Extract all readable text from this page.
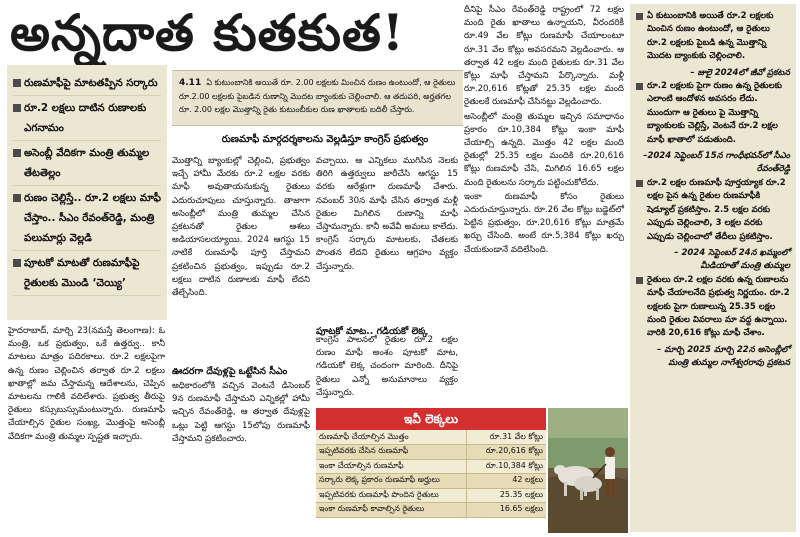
అన్నదాత కుతకుత!
రుణమాఫీపై మాటతప్పిన సర్కారు
రూ.2 లక్షలు దాటిన రుణాలకు ఎగనామం
అసెంబ్లీ వేదికగా మంత్రి తుమ్మల తేటతెల్లం
రుణం చెల్లిస్తే.. రూ.2 లక్షలు మాఫీ చేస్తాం.. సీఎం రేవంత్‌రెడ్డి, మంత్రి పలుమార్లు వెల్లడి
పూటకో మాటతో రుణమాఫీపై రైతులకు మొండి ‘చెయ్యి’
4.11 ఏ కుటుంబానికి అయితే రూ. 2.00 లక్షలకు మించిన రుణం ఉంటుందో, ఆ రైతులు రూ.2.00 లక్షలకు పైబడిన రుణాన్ని మొదట బ్యాంకుకు చెల్లించాలి. ఆ తదుపరి, అర్హతగల రూ. 2.00 లక్షల మొత్తాన్ని రైతు కుటుంబీకుల రుణ ఖాతాలకు బదిలీ చేస్తారు.
రుణమాఫీ మార్గదర్శకాలను వెల్లడిస్తూ కాంగ్రెస్‌ ప్రభుత్వం

హైదరాబాద్‌, మార్చి 23(నమస్తే తెలంగాణ): ఓ మంత్రి, ఒక ప్రభుత్వం, ఒకే ఉత్తర్వు.. కానీ మాటలు మాత్రం పదిరకాలు. రూ.2 లక్షలపైగా ఉన్న రుణం చెల్లించిన తర్వాత రూ.2 లక్షలు ఖాతాల్లో జమ చేస్తామన్న ఆదేశాలను, చెప్పిన మాటలను గాలికి వదిలేశారు. ప్రభుత్వ తీరుపై రైతులు కస్సుబుస్సుమంటున్నారు. రుణమాఫీ చేయాల్సిన రైతుల సంఖ్య, మొత్తంపై అసెంబ్లీ వేదికగా మంత్రి తుమ్మల స్పష్టత ఇచ్చారు.

మొత్తాన్ని బ్యాంకుల్లో చెల్లించి, ప్రభుత్వం ఇచ్చే హామీ మేరకు రూ.2 లక్షల వరకు మాఫీ అవుతాయనుకున్న రైతులు ఎదురుచూపులు చూస్తున్నారు. తాజాగా అసెంబ్లీలో మంత్రి తుమ్మల చేసిన ప్రకటనతో రైతుల ఆశలు అడియాసలయ్యాయి. 2024 ఆగస్టు 15 నాటికే రుణమాఫీ పూర్తి చేస్తామని ప్రకటించిన ప్రభుత్వం, ఇప్పుడు రూ.2 లక్షలు దాటిన రుణాలకు మాఫీ లేదని తేల్చేసింది.

వచ్చాయి. ఆ ఎన్నికలు ముగిసిన నెలకు తిరిగి ఉత్తర్వులు జారీచేసి ఆగస్టు 15 వరకు ఆరేళ్లుగా రుణమాఫీ చేశారు. నవంబర్‌ 30న మాఫీ చేసిన తర్వాత మళ్లీ రైతుల మిగిలిన రుణాన్ని మాఫీ చేస్తామన్నారు. కానీ అవేవీ అమలు కాలేదు. కాంగ్రెస్‌ సర్కారు మాటలకు, చేతలకు పొంతన లేదని రైతులు ఆగ్రహం వ్యక్తం చేస్తున్నారు.

పూటకో మాట.. గడియకో లెక్క

కాంగ్రెస్‌ పాలనలో రైతుల రూ.2 లక్షల రుణం మాఫీ అంశం పూటకో మాట, గడియకో లెక్క చందంగా మారింది. దీనిపై రైతులు ఎన్నో అనుమానాలు వ్యక్తం చేస్తున్నారు.

ఊదరగా దేవుళ్లపై ఒట్టేసిన సీఎం

అధికారంలోకి వచ్చిన వెంటనే డిసెంబర్‌ 9న రుణమాఫీ చేస్తామని ఎన్నికల్లో హామీ ఇచ్చిన రేవంత్‌రెడ్డి, ఆ తర్వాత దేవుళ్లపై ఒట్లు పెట్టి ఆగస్టు 15లోపు రుణమాఫీ చేస్తామని ప్రకటించారు.

దీనిపై సీఎం రేవంత్‌రెడ్డి రాష్ట్రంలో 72 లక్షల మంది రైతు ఖాతాలు ఉన్నాయని, వీరందరికీ రూ.49 వేల కోట్లు రుణమాఫీ చేయాలంటూ రూ.31 వేల కోట్లు అవసరమని వెల్లడించారు. ఆ తర్వాత 42 లక్షల మంది రైతులకు రూ.31 వేల కోట్లు మాఫీ చేస్తామని పేర్కొన్నారు. మళ్లీ రూ.20,616 కోట్లతో 25.35 లక్షల మంది రైతులకే రుణమాఫీ చేసినట్టు వెల్లడించారు.

అసెంబ్లీలో మంత్రి తుమ్మల ఇచ్చిన సమాధానం ప్రకారం రూ.10,384 కోట్లు ఇంకా మాఫీ చేయాల్సి ఉన్నది. మొత్తం 42 లక్షల మంది రైతుల్లో 25.35 లక్షల మందికి రూ.20,616 కోట్లు రుణమాఫీ చేసి, మిగిలిన 16.65 లక్షల మంది రైతులను సర్కారు పట్టించుకోలేదు.

ఇంకా రుణమాఫీ కోసం రైతులు ఎదురుచూస్తున్నారు. రూ.26 వేల కోట్లు బడ్జెట్‌లో పెట్టిన ప్రభుత్వం, రూ.20,616 కోట్లు మాత్రమే ఖర్చు చేసింది. అంటే రూ.5,384 కోట్లు ఖర్చు చేయకుండానే వదిలేసింది.

ఏ కుటుంబానికి అయితే రూ.2 లక్షలకు మించిన రుణం ఉంటుందో, ఆ రైతులు రూ.2 లక్షలకు పైబడి ఉన్న మొత్తాన్ని మొదట బ్యాంకుకు చెల్లించాలి.
– జులై 2024లో జీవో ప్రకటన
రూ.2 లక్షలకు పైగా రుణం ఉన్న రైతులకు ఎలాంటి ఆందోళన అవసరం లేదు. ముందుగా ఆ రైతులు పై మొత్తాన్ని బ్యాంకులకు చెల్లిస్తే, వెంటనే రూ.2 లక్షల మాఫీ ఖాతాలో పడుతుంది.
–2024 సెప్టెంబర్‌ 15న గాంధీభవన్‌లో సీఎం రేవంత్‌రెడ్డి
రూ.2 లక్షల రుణమాఫీ పూర్తయ్యాక రూ.2 లక్షల పైన ఉన్న రైతుల రుణమాఫీకి షెడ్యూల్‌ ప్రకటిస్తాం. 2.5 లక్షల వరకు ఎప్పుడు చెల్లించాలి, 3 లక్షల వరకు ఎప్పుడు చెల్లించాలో తేదీలు ప్రకటిస్తాం.
– 2024 సెప్టెంబర్‌ 24న ఖమ్మంలో మీడియాతో మంత్రి తుమ్మల
రైతులు రూ.2 లక్షల వరకు ఉన్న రుణాలను మాఫీ చేయాలనేది ప్రభుత్వ నిర్ణయం. రూ.2 లక్షలకు పైగా రుణాలున్న 25.35 లక్షల మంది రైతుల వివరాలు మా వద్ద ఉన్నాయి. వారికి 20,616 కోట్లు మాఫీ చేశాం.
– మార్చి 2025 మార్చి 22న అసెంబ్లీలో మంత్రి తుమ్మల నాగేశ్వరరావు ప్రకటన
ఇవీ లెక్కలు
రుణమాఫీ చేయాల్సిన మొత్తం	రూ.31 వేల కోట్లు
ఇప్పటివరకు చేసిన రుణమాఫీ	రూ.20,616 కోట్లు
ఇంకా చేయాల్సిన రుణమాఫీ	రూ.10,384 కోట్లు
సర్కారు లెక్క ప్రకారం రుణమాఫీ అర్హులు	42 లక్షలు
ఇప్పటివరకు రుణమాఫీ పొందిన రైతులు	25.35 లక్షలు
ఇంకా రుణమాఫీ కావాల్సిన రైతులు	16.65 లక్షలు
